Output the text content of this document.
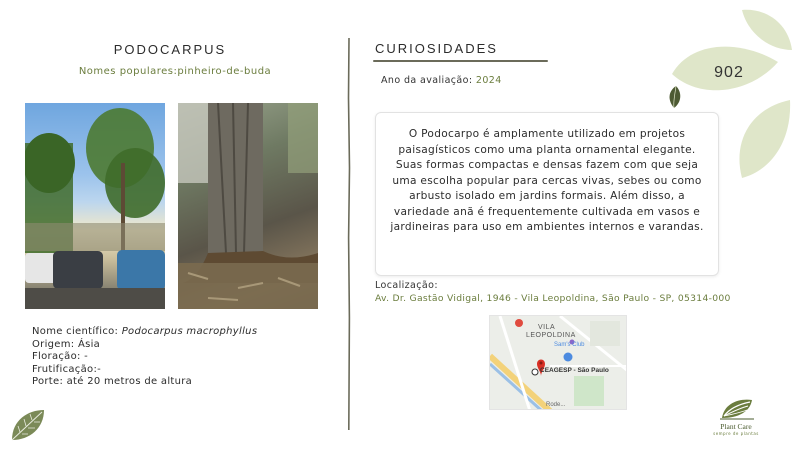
PODOCARPUS
Nomes populares:pinheiro-de-buda
Nome científico: Podocarpus macrophyllus
Origem: Ásia
Floração: -
Frutificação:-
Porte: até 20 metros de altura
CURIOSIDADES
Ano da avaliação: 2024
O Podocarpo é amplamente utilizado em projetos paisagísticos como uma planta ornamental elegante. Suas formas compactas e densas fazem com que seja uma escolha popular para cercas vivas, sebes ou como arbusto isolado em jardins formais. Além disso, a variedade anã é frequentemente cultivada em vasos e jardineiras para uso em ambientes internos e varandas.
Localização:
Av. Dr. Gastão Vidigal, 1946 - Vila Leopoldina, São Paulo - SP, 05314-000
VILA
LEOPOLDINA
Sam's Club
CEAGESP - São Paulo
Rode...
902
Plant Care
sempre de plantas
